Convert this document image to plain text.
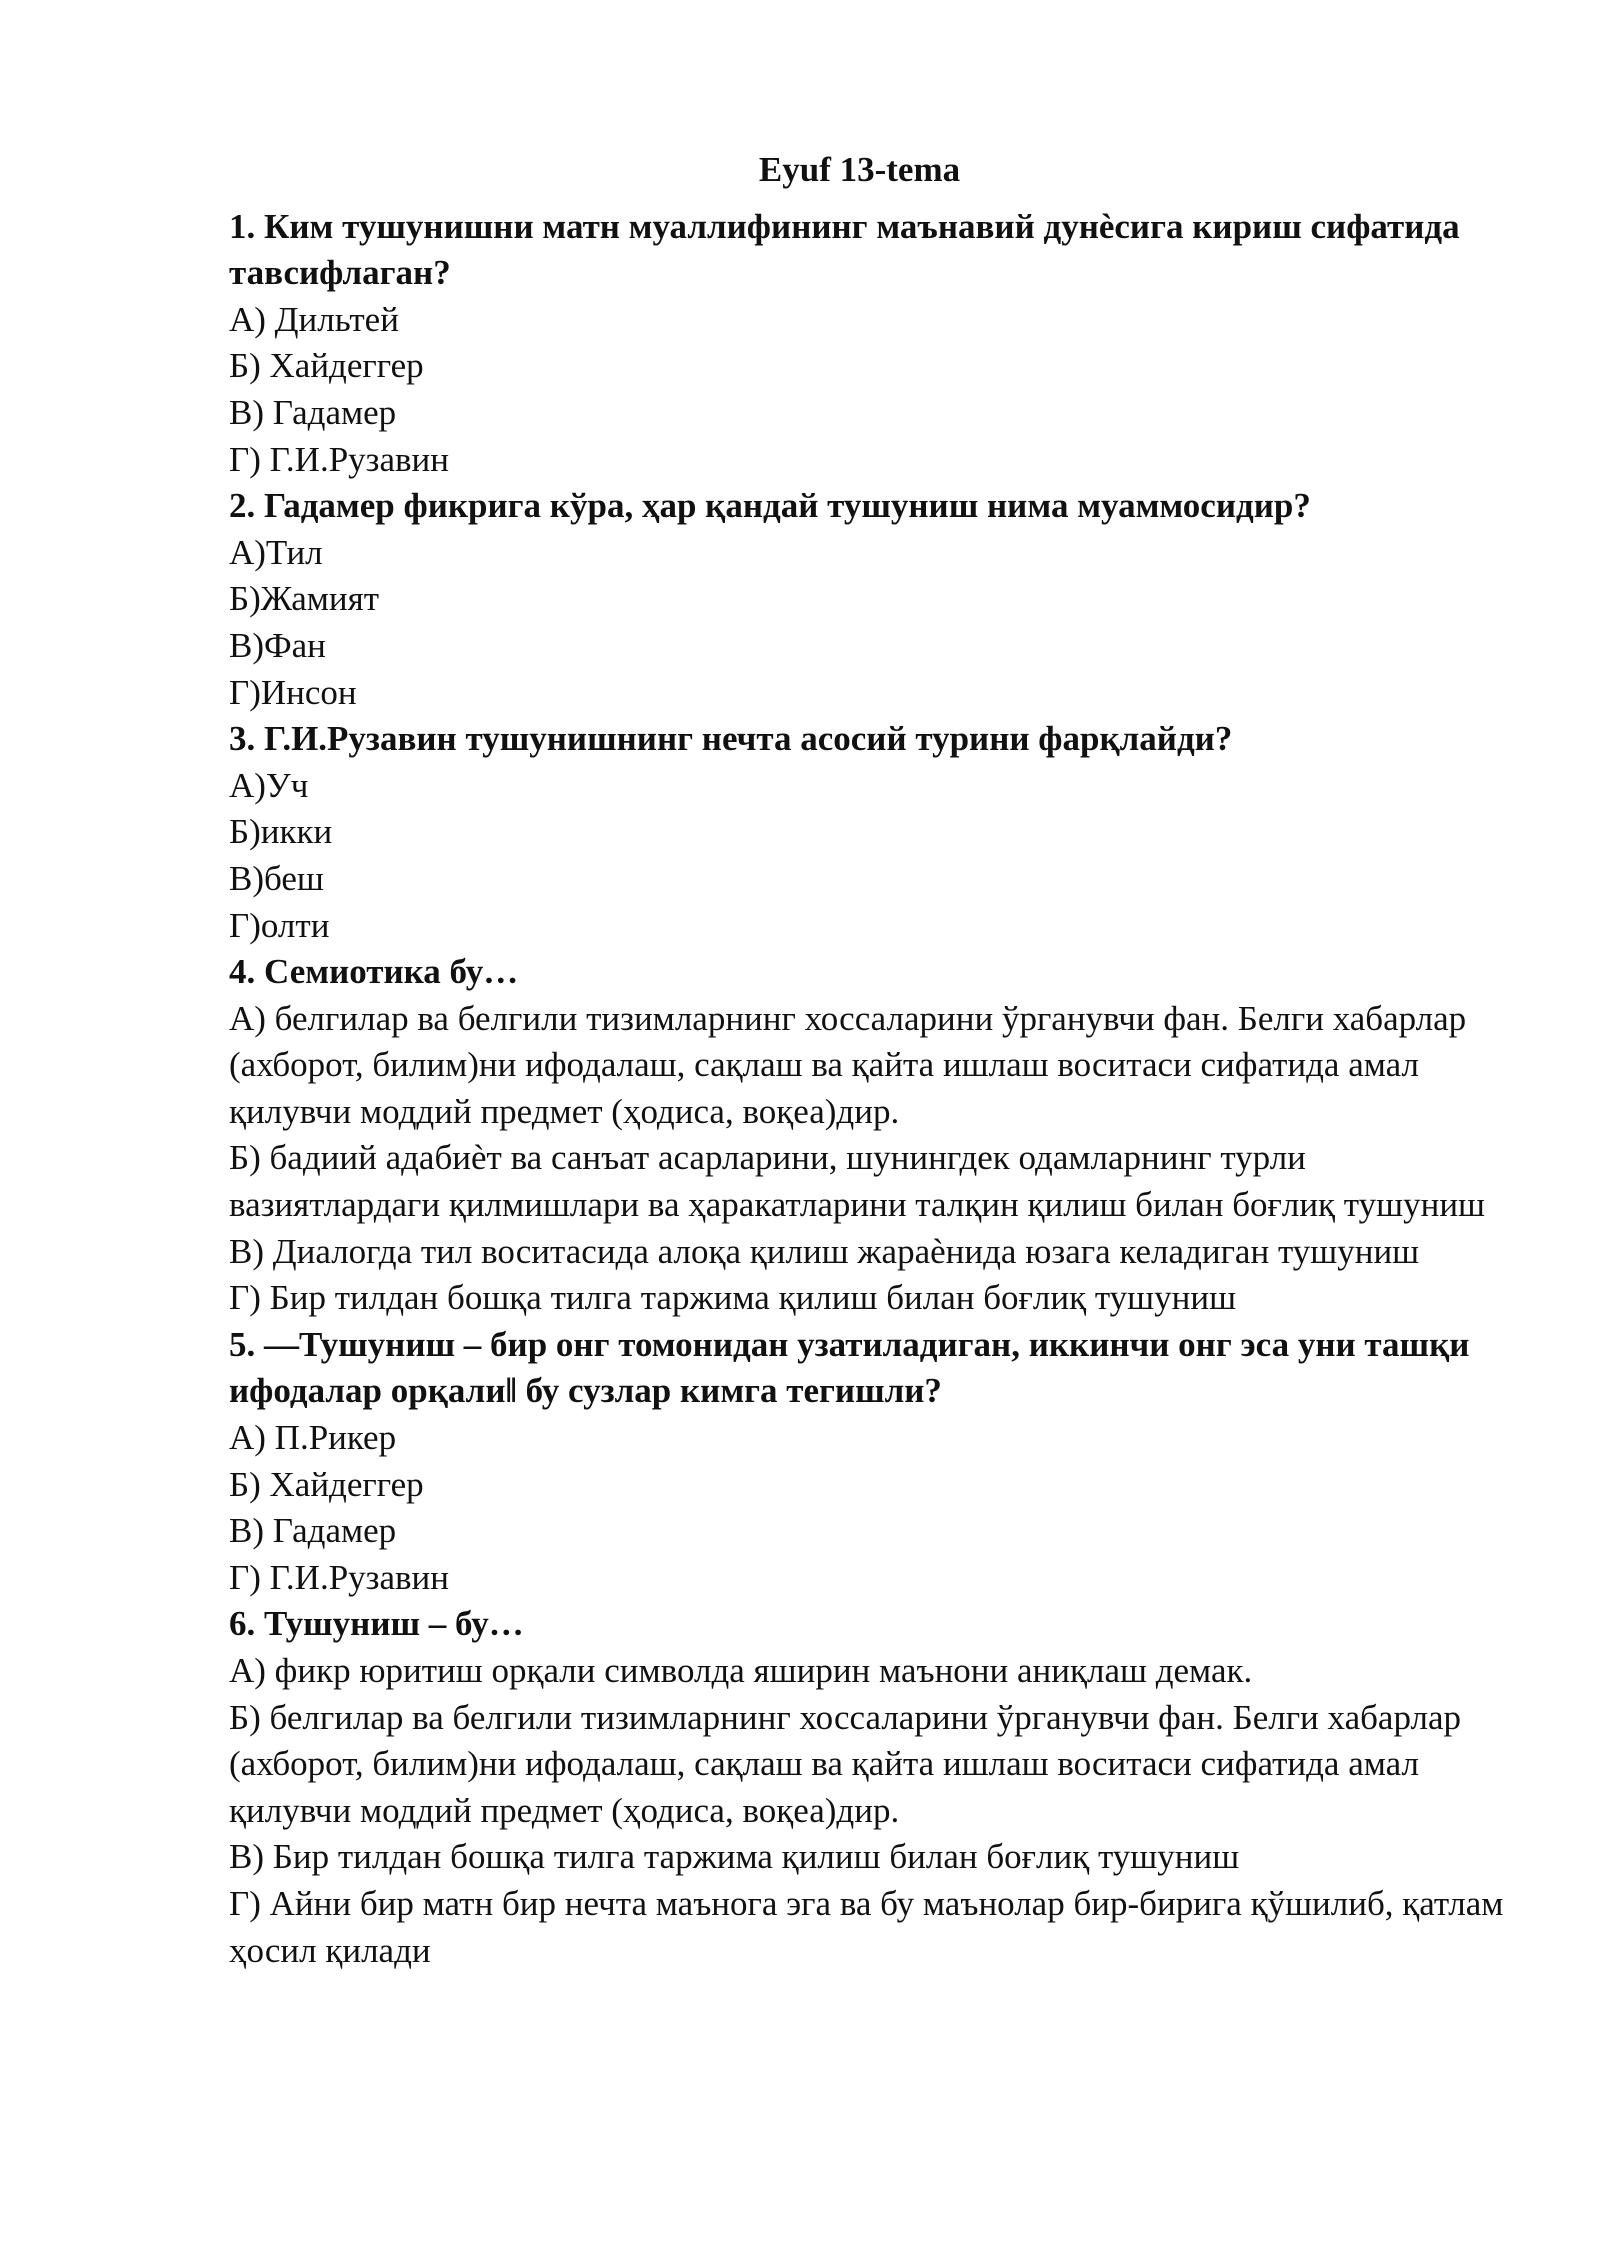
Eyuf 13-tema
1. Ким тушунишни матн муаллифининг маънавий дунѐсига кириш сифатида тавсифлаган?
А) Дильтей
Б) Хайдеггер
В) Гадамер
Г) Г.И.Рузавин
2. Гадамер фикрига кўра, ҳар қандай тушуниш нима муаммосидир?
А)Тил
Б)Жамият
В)Фан
Г)Инсон
3. Г.И.Рузавин тушунишнинг нечта асосий турини фарқлайди?
А)Уч
Б)икки
В)беш
Г)олти
4. Семиотика бу…
А) белгилар ва белгили тизимларнинг хоссаларини ўрганувчи фан. Белги хабарлар (ахборот, билим)ни ифодалаш, сақлаш ва қайта ишлаш воситаси сифатида амал қилувчи моддий предмет (ҳодиса, воқеа)дир.
Б) бадиий адабиѐт ва санъат асарларини, шунингдек одамларнинг турли вазиятлардаги қилмишлари ва ҳаракатларини талқин қилиш билан боғлиқ тушуниш
В) Диалогда тил воситасида алоқа қилиш жараѐнида юзага келадиган тушуниш
Г) Бир тилдан бошқа тилга таржима қилиш билан боғлиқ тушуниш
5. ―Тушуниш – бир онг томонидан узатиладиган, иккинчи онг эса уни ташқи ифодалар орқали‖ бу сузлар кимга тегишли?
А) П.Рикер
Б) Хайдеггер
В) Гадамер
Г) Г.И.Рузавин
6. Тушуниш – бу…
А) фикр юритиш орқали символда яширин маънони аниқлаш демак.
Б) белгилар ва белгили тизимларнинг хоссаларини ўрганувчи фан. Белги хабарлар (ахборот, билим)ни ифодалаш, сақлаш ва қайта ишлаш воситаси сифатида амал қилувчи моддий предмет (ҳодиса, воқеа)дир.
В) Бир тилдан бошқа тилга таржима қилиш билан боғлиқ тушуниш
Г) Айни бир матн бир нечта маънога эга ва бу маънолар бир-бирига қўшилиб, қатлам ҳосил қилади
